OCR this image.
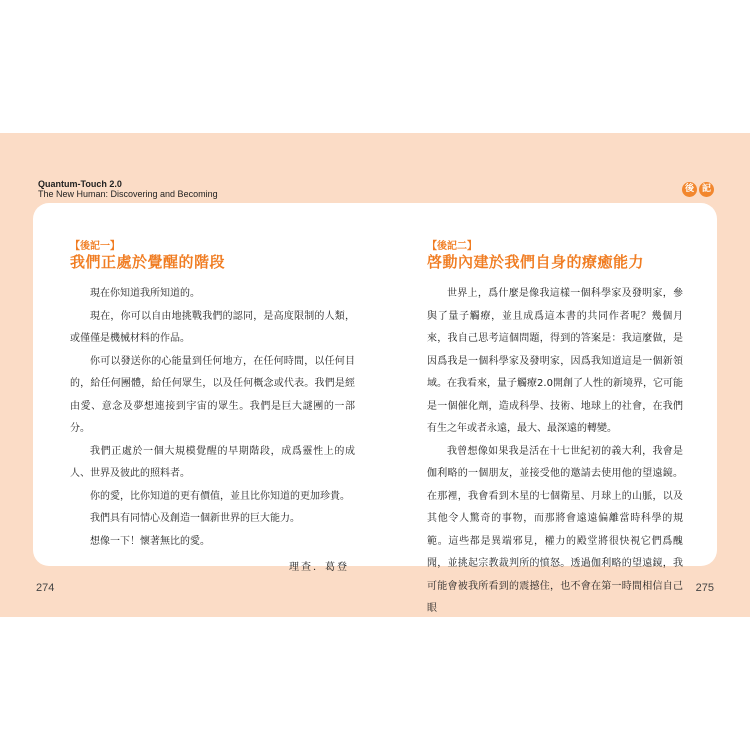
Quantum-Touch 2.0
The New Human: Discovering and Becoming	後 記
【後記一】
我們正處於覺醒的階段

現在你知道我所知道的。

現在，你可以自由地挑戰我們的認同，是高度限制的人類，或僅僅是機械材料的作品。

你可以發送你的心能量到任何地方，在任何時間，以任何目的，給任何團體，給任何眾生，以及任何概念或代表。我們是經由愛、意念及夢想連接到宇宙的眾生。我們是巨大謎團的一部分。

我們正處於一個大規模覺醒的早期階段，成爲靈性上的成人、世界及彼此的照料者。

你的愛，比你知道的更有價值，並且比你知道的更加珍貴。

我們具有同情心及創造一個新世界的巨大能力。

想像一下！懷著無比的愛。

理查．葛登

【後記二】
啓動內建於我們自身的療癒能力

世界上，爲什麼是像我這樣一個科學家及發明家，參與了量子觸療，並且成爲這本書的共同作者呢？幾個月來，我自己思考這個問題，得到的答案是：我這麼做，是因爲我是一個科學家及發明家，因爲我知道這是一個新領域。在我看來，量子觸療2.0開創了人性的新境界，它可能是一個催化劑，造成科學、技術、地球上的社會，在我們有生之年或者永遠，最大、最深遠的轉變。

我曾想像如果我是活在十七世紀初的義大利，我會是伽利略的一個朋友，並接受他的邀請去使用他的望遠鏡。在那裡，我會看到木星的七個衛星、月球上的山脈，以及其他令人驚奇的事物，而那將會遠遠偏離當時科學的規範。這些都是異端邪見，權力的殿堂將很快視它們爲醜聞，並挑起宗教裁判所的憤怒。透過伽利略的望遠鏡，我可能會被我所看到的震撼住，也不會在第一時間相信自己眼

274	275
